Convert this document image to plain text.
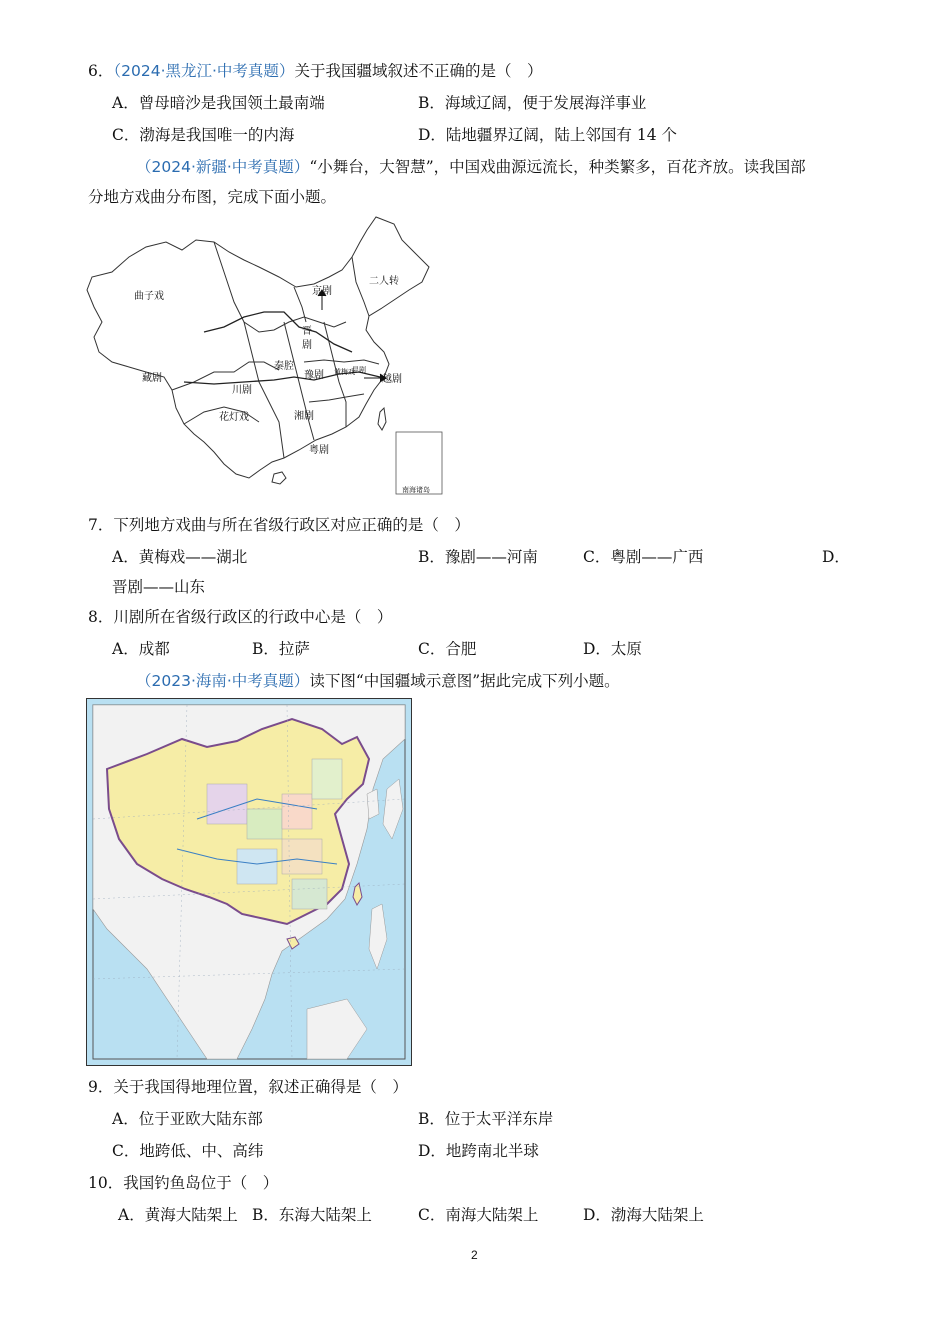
6．（2024·黑龙江·中考真题）关于我国疆域叙述不正确的是（　）
A．曾母暗沙是我国领土最南端	B．海域辽阔，便于发展海洋事业
C．渤海是我国唯一的内海	D．陆地疆界辽阔，陆上邻国有 14 个
（2024·新疆·中考真题）“小舞台，大智慧”，中国戏曲源远流长，种类繁多，百花齐放。读我国部
分地方戏曲分布图，完成下面小题。
南海诸岛
二人转
京剧
曲子戏
晋
剧
秦腔
豫剧 黄梅戏
昆剧
越剧
藏剧
川剧
湘剧
花灯戏
粤剧
7．下列地方戏曲与所在省级行政区对应正确的是（　）
A．黄梅戏——湖北	B．豫剧——河南	C．粤剧——广西	D．
晋剧——山东
8．川剧所在省级行政区的行政中心是（　）
A．成都	B．拉萨	C．合肥	D．太原
（2023·海南·中考真题）读下图“中国疆域示意图”据此完成下列小题。
9．关于我国得地理位置，叙述正确得是（　）
A．位于亚欧大陆东部	B．位于太平洋东岸
C．地跨低、中、高纬	D．地跨南北半球
10．我国钓鱼岛位于（　）
A．黄海大陆架上 B．东海大陆架上	C．南海大陆架上	D．渤海大陆架上
2
